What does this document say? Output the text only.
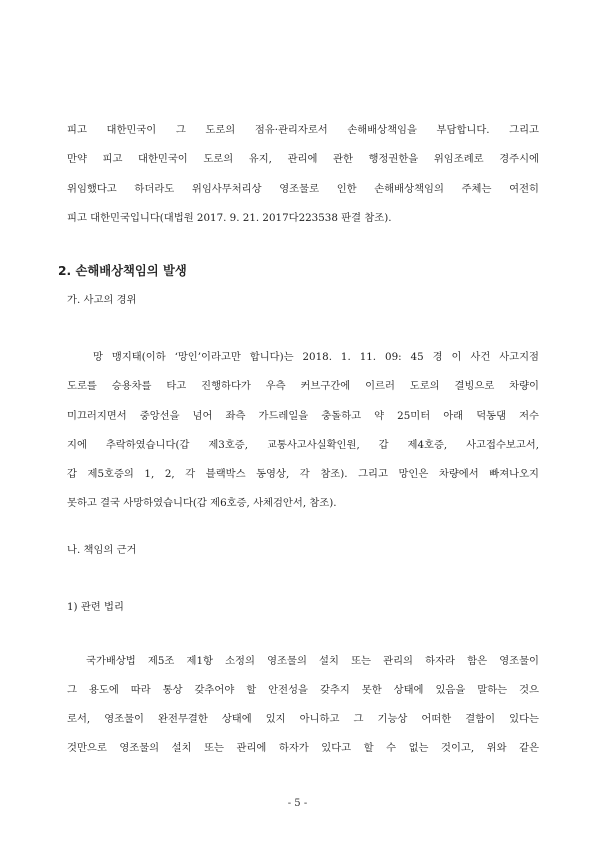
피고 대한민국이 그 도로의 점유·관리자로서 손해배상책임을 부담합니다. 그리고
만약 피고 대한민국이 도로의 유지, 관리에 관한 행정권한을 위임조례로 경주시에
위임했다고 하더라도 위임사무처리상 영조물로 인한 손해배상책임의 주체는 여전히
피고 대한민국입니다(대법원 2017. 9. 21. 2017다223538 판결 참조).
2. 손해배상책임의 발생
가. 사고의 경위
망 맹지태(이하 ‘망인’이라고만 합니다)는 2018. 1. 11. 09: 45 경 이 사건 사고지점
도로를 승용차를 타고 진행하다가 우측 커브구간에 이르러 도로의 결빙으로 차량이
미끄러지면서 중앙선을 넘어 좌측 가드레일을 충돌하고 약 25미터 아래 덕동댐 저수
지에 추락하였습니다(갑 제3호증, 교통사고사실확인원, 갑 제4호증, 사고접수보고서,
갑 제5호증의 1, 2, 각 블랙박스 동영상, 각 참조). 그리고 망인은 차량에서 빠져나오지
못하고 결국 사망하였습니다(갑 제6호증, 사체검안서, 참조).
나. 책임의 근거
1) 관련 법리
국가배상법 제5조 제1항 소정의 영조물의 설치 또는 관리의 하자라 함은 영조물이
그 용도에 따라 통상 갖추어야 할 안전성을 갖추지 못한 상태에 있음을 말하는 것으
로서, 영조물이 완전무결한 상태에 있지 아니하고 그 기능상 어떠한 결함이 있다는
것만으로 영조물의 설치 또는 관리에 하자가 있다고 할 수 없는 것이고, 위와 같은
- 5 -
